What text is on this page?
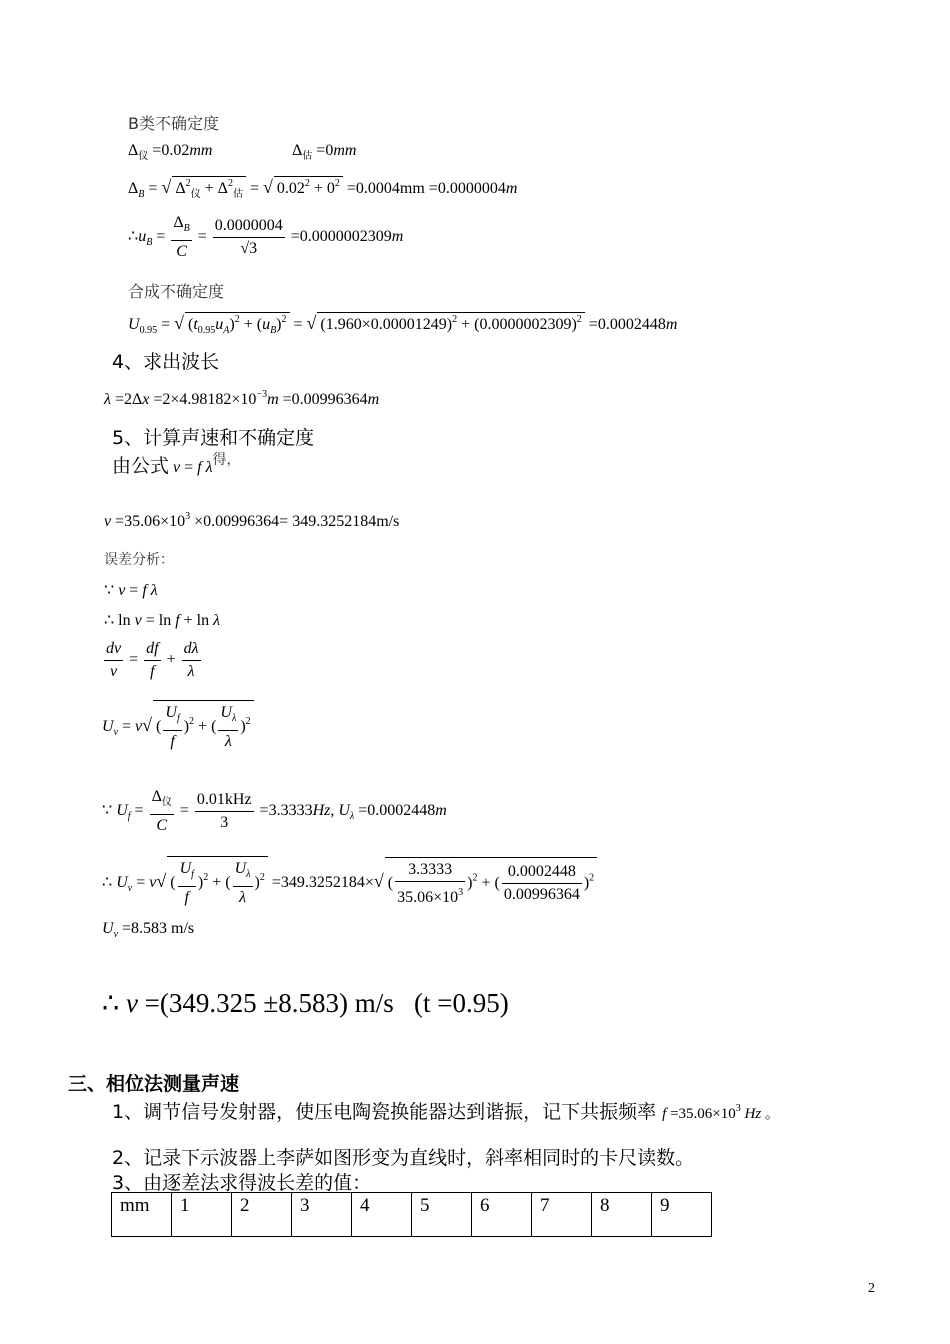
B类不确定度
$\Delta_仪 =0.02mm$	$\Delta_估 =0mm$
$\Delta_B$ = √ $\Delta^2_仪 + \Delta^2_估$ = √ $0.02^2 + 0^2 =0.0004mm =0.0000004m$
$\therefore u_B = \frac{\Delta_B}{C} = \frac{0.0000004}{√3} =0.0000002309m$
合成不确定度
$U_{0.95}$ = √ $(t_{0.95}u_A)^2 + (u_B)^2$ = √ $(1.960\times 0.00001249)^2 + (0.0000002309)^2 =0.0002448m$
4、求出波长
$\lambda =2\Delta x =2\times 4.98182\times 10^{-3}m =0.00996364m$
5、计算声速和不确定度
由公式 v = f $\lambda^{得,}$
$v =35.06\times 10^3 \times 0.00996364= 349.3252184m/s$
误差分析：
∵ v = f λ
∴ ln v = ln f + ln λ
$\frac{dv}{v} = \frac{df}{f} + \frac{d\lambda}{\lambda}$
$U_v = v√$ ( $\frac{U_f}{f} )^2$ + ( $\frac{U_\lambda}{\lambda} )^2$
∵ $U_f = \frac{\Delta_仪}{C} = \frac{\text{0.01kHz}}{3} =3.3333Hz$, $U_\lambda =0.0002448m$
∴ $U_v = v√$ ( $\frac{U_f}{f} )^2$ + ( $\frac{U_\lambda}{\lambda} )^2 =349.3252184\times√$ ( $\frac{3.3333}{35.06\times 10^3} )^2$ + ( $\frac{0.0002448}{0.00996364} )^2$
$U_v =8.583$ m/s
∴ v =(349.325 ±8.583) m/s (t =0.95)
三、相位法测量声速
1、调节信号发射器，使压电陶瓷换能器达到谐振，记下共振频率 $f =35.06\times 10^3$ Hz 。
2、记录下示波器上李萨如图形变为直线时，斜率相同时的卡尺读数。
3、由逐差法求得波长差的值：
mm	1	2	3	4	5	6	7	8	9
2
